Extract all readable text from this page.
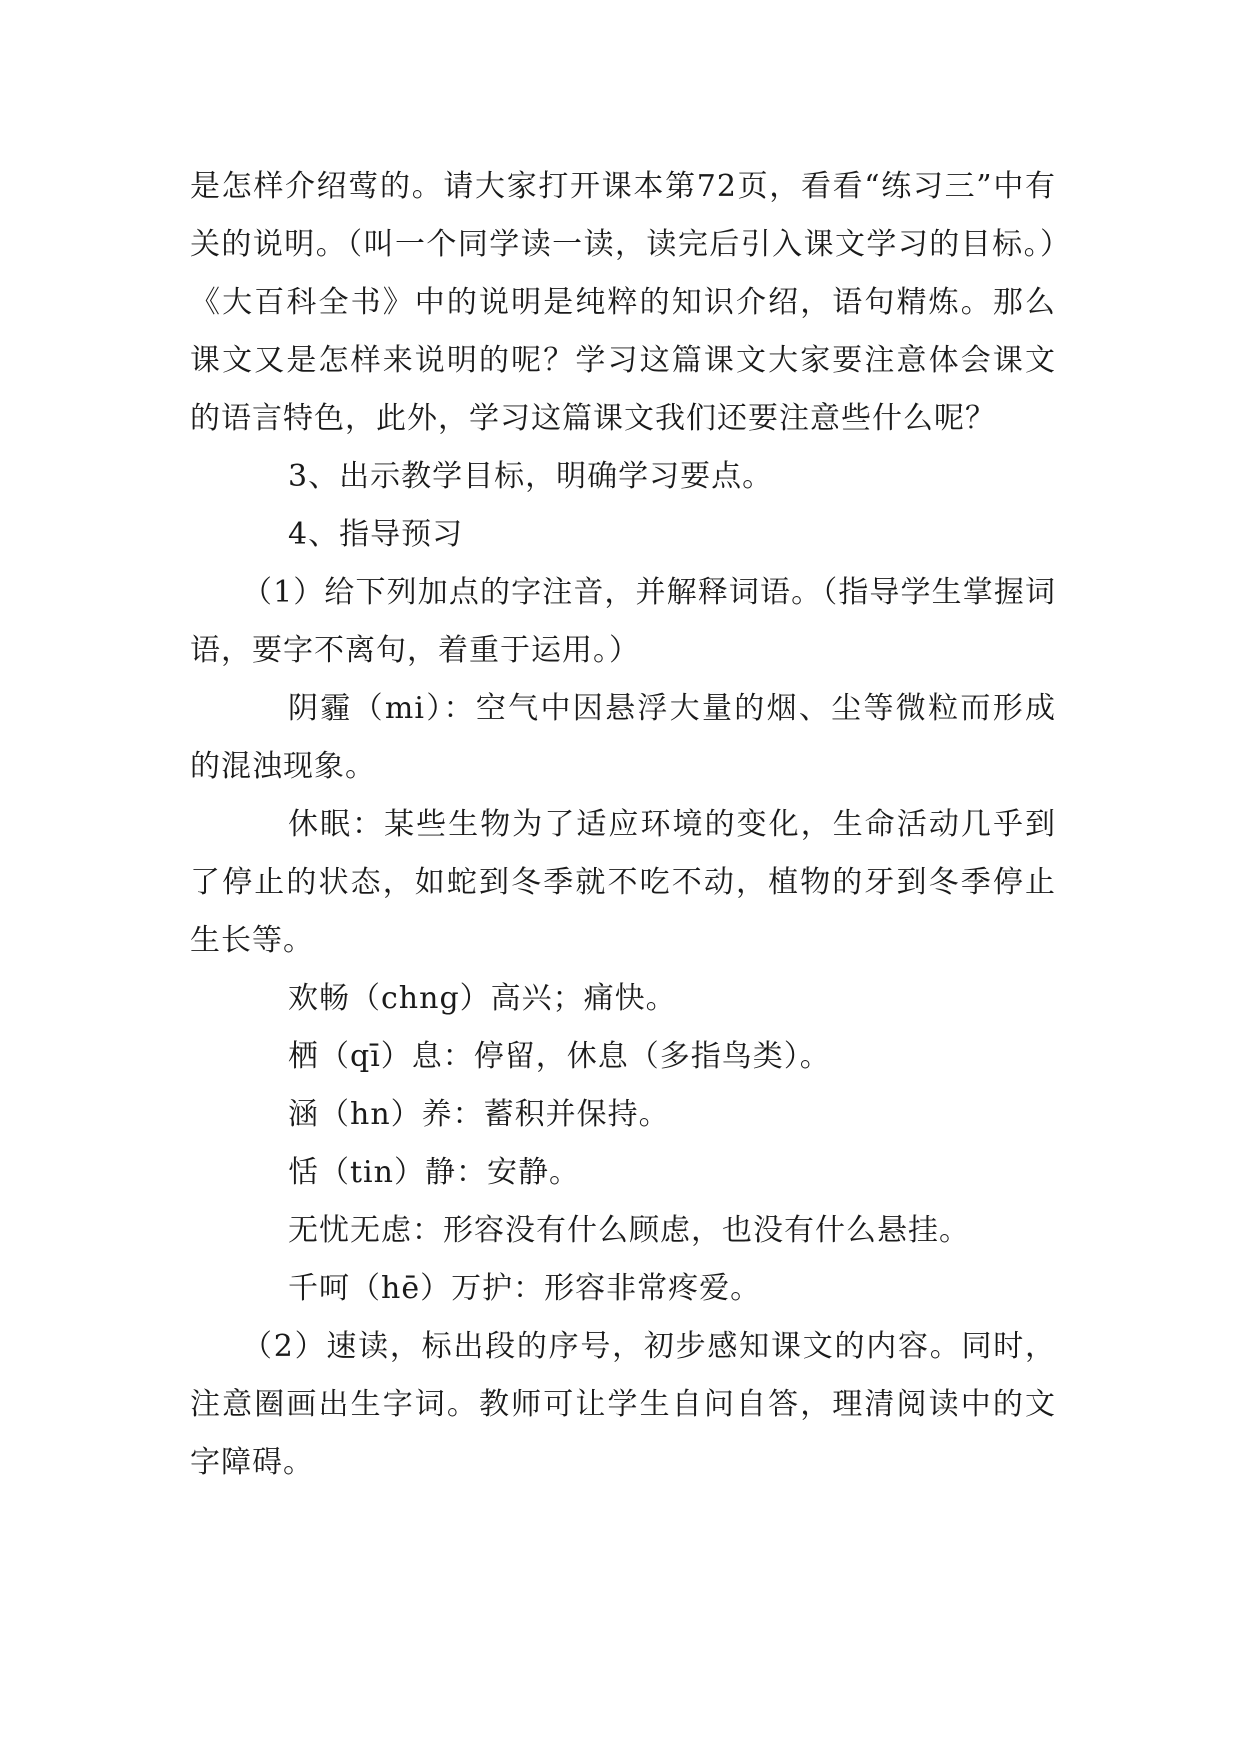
是怎样介绍莺的。请大家打开课本第72页，看看“练习三”中有关的说明。（叫一个同学读一读，读完后引入课文学习的目标。）《大百科全书》中的说明是纯粹的知识介绍，语句精炼。那么课文又是怎样来说明的呢？学习这篇课文大家要注意体会课文的语言特色，此外，学习这篇课文我们还要注意些什么呢？

3、出示教学目标，明确学习要点。

4、指导预习

（1）给下列加点的字注音，并解释词语。（指导学生掌握词语，要字不离句，着重于运用。）

阴霾（mi）：空气中因悬浮大量的烟、尘等微粒而形成的混浊现象。

休眠：某些生物为了适应环境的变化，生命活动几乎到了停止的状态，如蛇到冬季就不吃不动，植物的牙到冬季停止生长等。

欢畅（chng）高兴；痛快。

栖（qī）息：停留，休息（多指鸟类）。

涵（hn）养：蓄积并保持。

恬（tin）静：安静。

无忧无虑：形容没有什么顾虑，也没有什么悬挂。

千呵（hē）万护：形容非常疼爱。

（2）速读，标出段的序号，初步感知课文的内容。同时，注意圈画出生字词。教师可让学生自问自答，理清阅读中的文字障碍。
